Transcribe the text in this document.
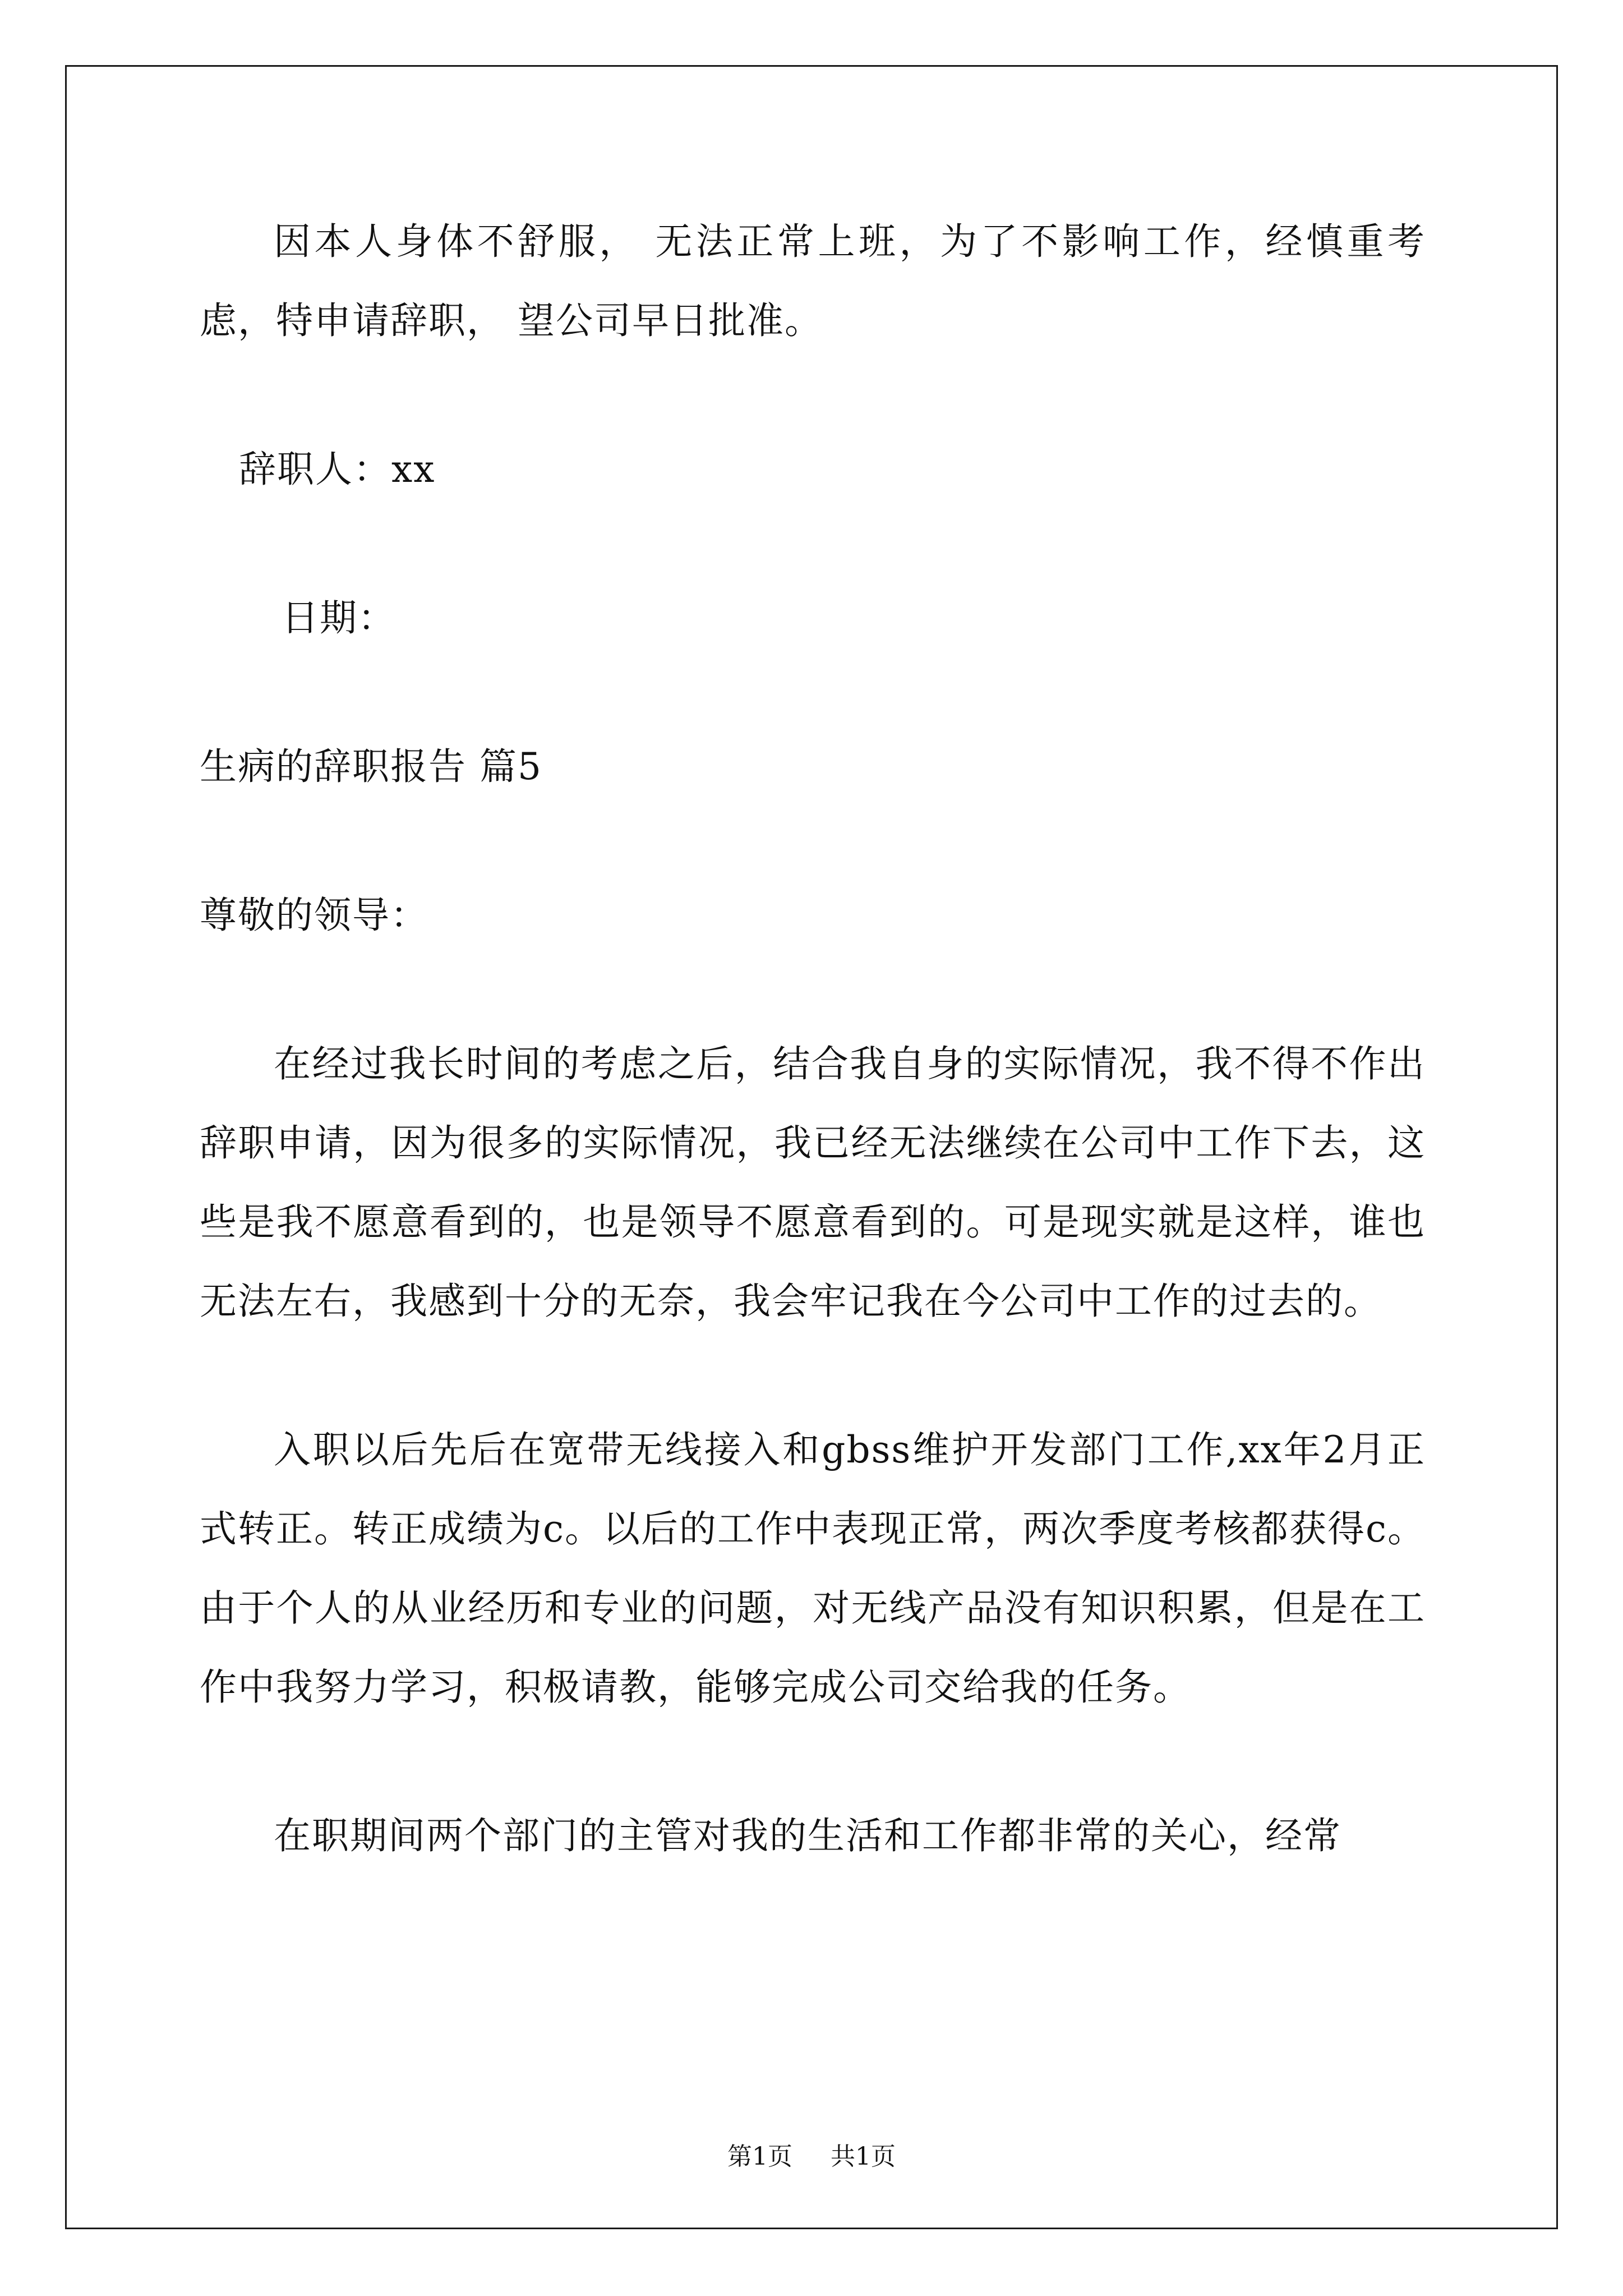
因本人身体不舒服， 无法正常上班，为了不影响工作，经慎重考虑，特申请辞职， 望公司早日批准。

辞职人：xx

日期：

生病的辞职报告 篇5

尊敬的领导：

在经过我长时间的考虑之后，结合我自身的实际情况，我不得不作出辞职申请，因为很多的实际情况，我已经无法继续在公司中工作下去，这些是我不愿意看到的，也是领导不愿意看到的。可是现实就是这样，谁也无法左右，我感到十分的无奈，我会牢记我在今公司中工作的过去的。

入职以后先后在宽带无线接入和gbss维护开发部门工作,xx年2月正式转正。转正成绩为c。以后的工作中表现正常，两次季度考核都获得c。由于个人的从业经历和专业的问题，对无线产品没有知识积累，但是在工作中我努力学习，积极请教，能够完成公司交给我的任务。

在职期间两个部门的主管对我的生活和工作都非常的关心，经常

第1页 共1页
